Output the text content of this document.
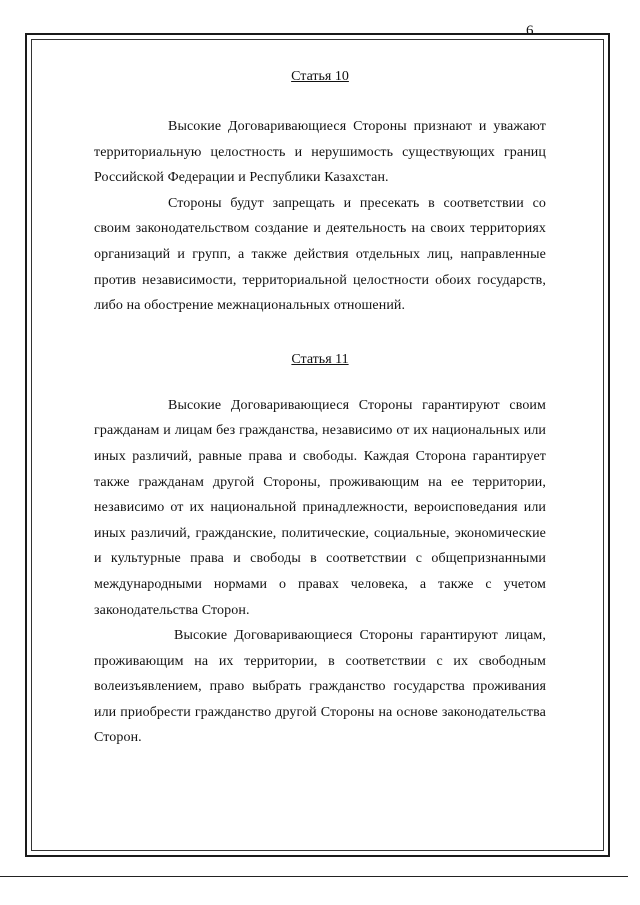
6
Статья 10

Высокие Договаривающиеся Стороны признают и уважают территориальную целостность и нерушимость существующих границ Российской Федерации и Республики Казахстан.

Стороны будут запрещать и пресекать в соответствии со своим законодательством создание и деятельность на своих территориях организаций и групп, а также действия отдельных лиц, направленные против независимости, территориальной целостности обоих государств, либо на обострение межнациональных отношений.

Статья 11

Высокие Договаривающиеся Стороны гарантируют своим гражданам и лицам без гражданства, независимо от их национальных или иных различий, равные права и свободы. Каждая Сторона гарантирует также гражданам другой Стороны, проживающим на ее территории, независимо от их национальной принадлежности, вероисповедания или иных различий, гражданские, политические, социальные, экономические и культурные права и свободы в соответствии с общепризнанными международными нормами о правах человека, а также с учетом законодательства Сторон.

Высокие Договаривающиеся Стороны гарантируют лицам, проживающим на их территории, в соответствии с их свободным волеизъявлением, право выбрать гражданство государства проживания или приобрести гражданство другой Стороны на основе законодательства Сторон.
